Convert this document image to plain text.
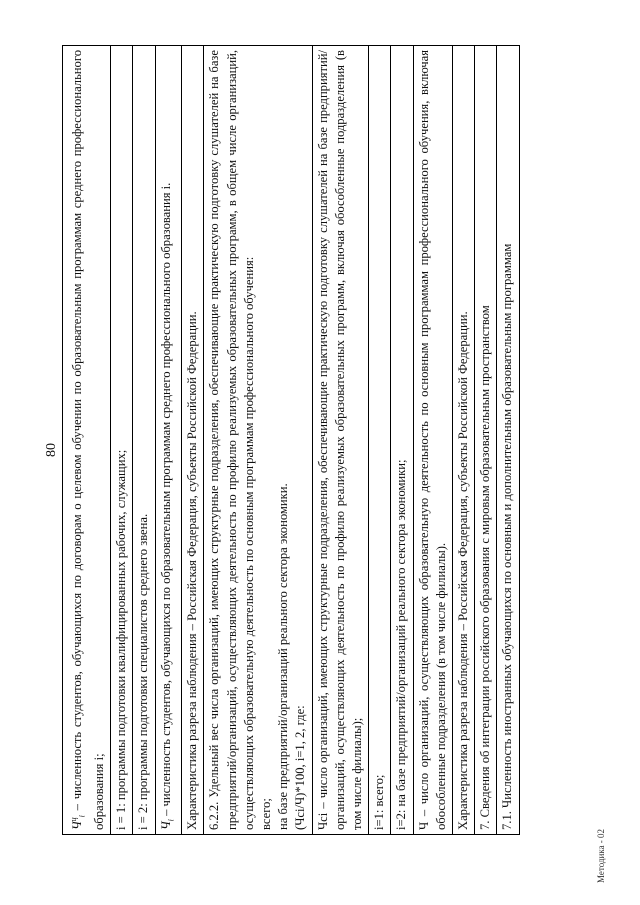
80

$Ч^ц_i$ – численность студентов, обучающихся по договорам о целевом обучении по образовательным программам среднего профессионального образования i; i = 1: программы подготовки квалифицированных рабочих, служащих; i = 2: программы подготовки специалистов среднего звена. $Ч_i$ – численность студентов, обучающихся по образовательным программам среднего профессионального образования i.	Характеристика разреза наблюдения – Российская Федерация, субъекты Российской Федерации. 6.2.2. Удельный вес числа организаций, имеющих структурные подразделения, обеспечивающие практическую подготовку слушателей на базе предприятий/организаций, осуществляющих деятельность по профилю реализуемых образовательных программ, в общем числе организаций, осуществляющих образовательную деятельность по основным программам профессионального обучения: всего; на базе предприятий/организаций реального сектора экономики. (Чсi/Ч)*100, i=1, 2, где: Чсi – число организаций, имеющих структурные подразделения, обеспечивающие практическую подготовку слушателей на базе предприятий/организаций, осуществляющих деятельность по профилю реализуемых образовательных программ, включая обособленные подразделения (в том числе филиалы); i=1: всего; i=2: на базе предприятий/организаций реального сектора экономики; Ч – число организаций, осуществляющих образовательную деятельность по основным программам профессионального обучения, включая обособленные подразделения (в том числе филиалы). Характеристика разреза наблюдения – Российская Федерация, субъекты Российской Федерации. 7. Сведения об интеграции российского образования с мировым образовательным пространством 7.1. Численность иностранных обучающихся по основным и дополнительным образовательным программам

Методика - 02
